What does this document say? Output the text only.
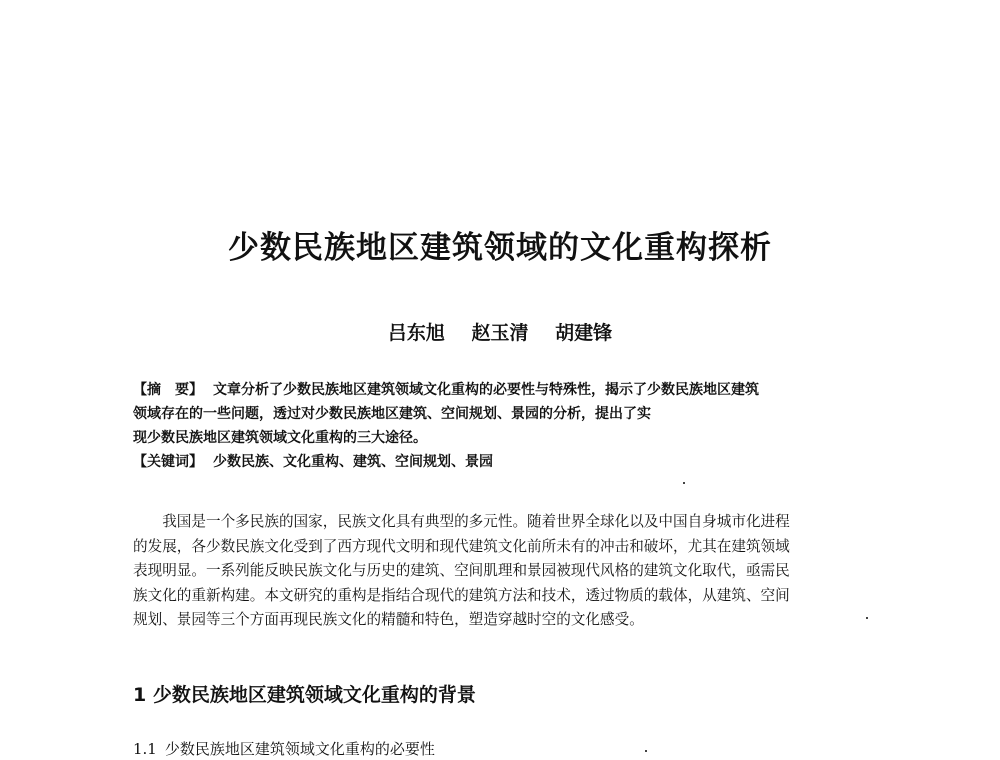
少数民族地区建筑领域的文化重构探析
吕东旭 赵玉清 胡建锋
【摘　要】 文章分析了少数民族地区建筑领域文化重构的必要性与特殊性，揭示了少数民族地区建筑
领域存在的一些问题，透过对少数民族地区建筑、空间规划、景园的分析，提出了实
现少数民族地区建筑领域文化重构的三大途径。
【关键词】 少数民族、文化重构、建筑、空间规划、景园
　　我国是一个多民族的国家，民族文化具有典型的多元性。随着世界全球化以及中国自身城市化进程
的发展，各少数民族文化受到了西方现代文明和现代建筑文化前所未有的冲击和破坏，尤其在建筑领域
表现明显。一系列能反映民族文化与历史的建筑、空间肌理和景园被现代风格的建筑文化取代，亟需民
族文化的重新构建。本文研究的重构是指结合现代的建筑方法和技术，透过物质的载体，从建筑、空间
规划、景园等三个方面再现民族文化的精髓和特色，塑造穿越时空的文化感受。
1 少数民族地区建筑领域文化重构的背景
1.1 少数民族地区建筑领域文化重构的必要性
